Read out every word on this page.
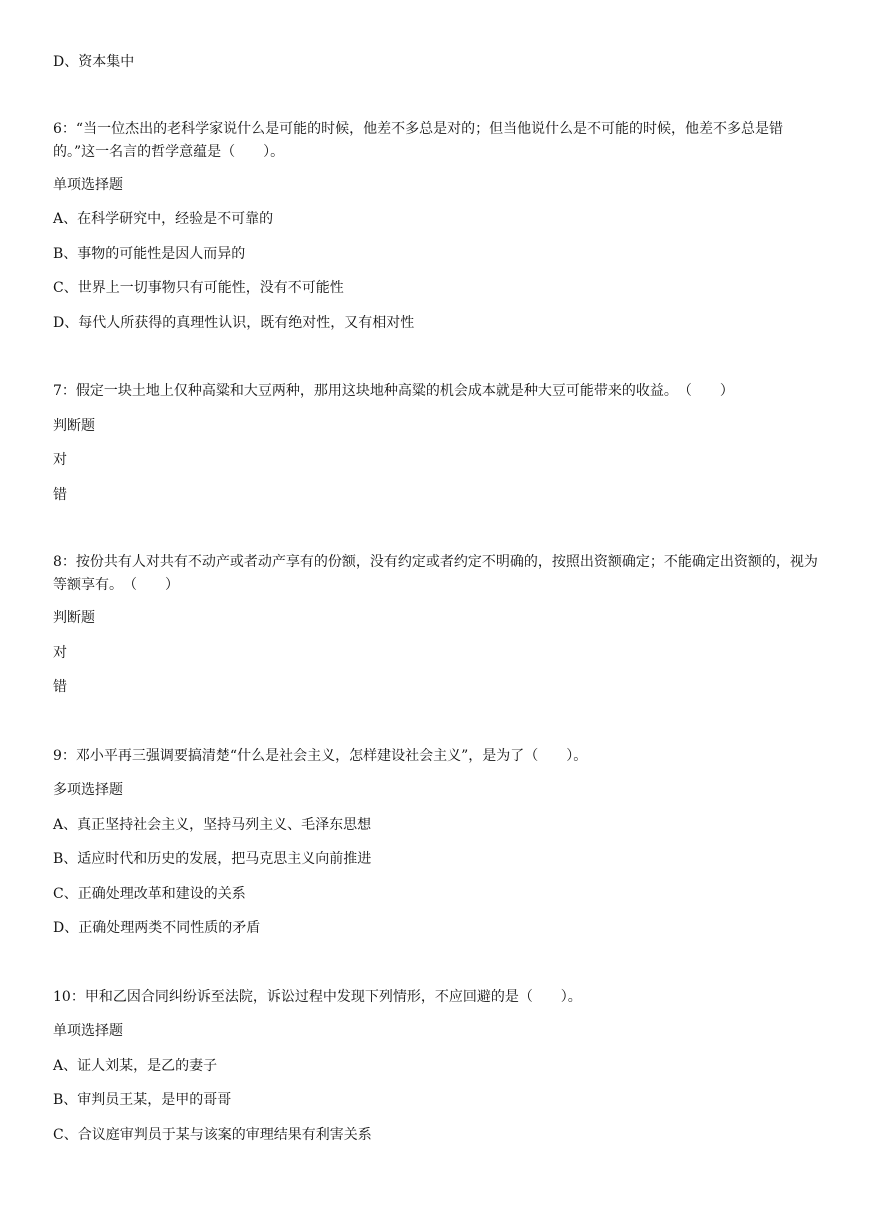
D、资本集中
6：“当一位杰出的老科学家说什么是可能的时候，他差不多总是对的；但当他说什么是不可能的时候，他差不多总是错的。”这一名言的哲学意蕴是（　　）。
单项选择题
A、在科学研究中，经验是不可靠的
B、事物的可能性是因人而异的
C、世界上一切事物只有可能性，没有不可能性
D、每代人所获得的真理性认识，既有绝对性，又有相对性
7：假定一块土地上仅种高粱和大豆两种，那用这块地种高粱的机会成本就是种大豆可能带来的收益。　（　　）
判断题
对
错
8：按份共有人对共有不动产或者动产享有的份额，没有约定或者约定不明确的，按照出资额确定；不能确定出资额的，视为等额享有。　（　　）
判断题
对
错
9：邓小平再三强调要搞清楚“什么是社会主义，怎样建设社会主义”，是为了（　　）。
多项选择题
A、真正坚持社会主义，坚持马列主义、毛泽东思想
B、适应时代和历史的发展，把马克思主义向前推进
C、正确处理改革和建设的关系
D、正确处理两类不同性质的矛盾
10：甲和乙因合同纠纷诉至法院，诉讼过程中发现下列情形，不应回避的是（　　）。
单项选择题
A、证人刘某，是乙的妻子
B、审判员王某，是甲的哥哥
C、合议庭审判员于某与该案的审理结果有利害关系
